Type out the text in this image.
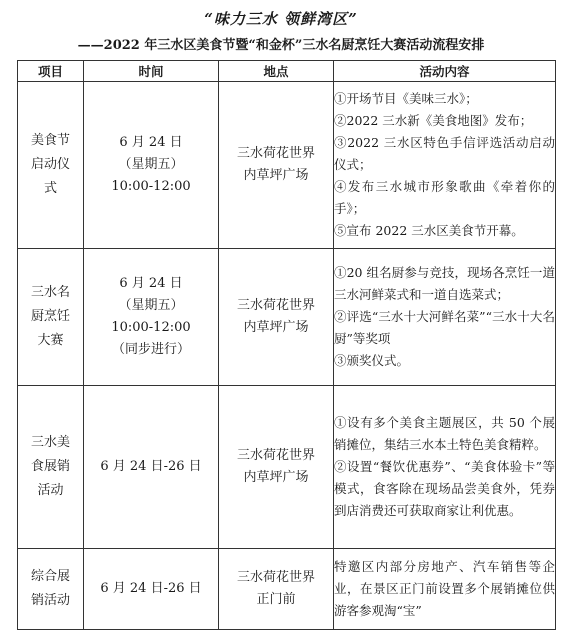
“味力三水 领鲜湾区”
——2022 年三水区美食节暨“和金杯”三水名厨烹饪大赛活动流程安排
项目	时间	地点	活动内容

美食节
启动仪
式	6 月 24 日
（星期五）
10:00-12:00	三水荷花世界
内草坪广场	①开场节目《美味三水》；
②2022 三水新《美食地图》发布；
③2022 三水区特色手信评选活动启动仪式；
④发布三水城市形象歌曲《牵着你的手》；
⑤宣布 2022 三水区美食节开幕。

三水名
厨烹饪
大赛	6 月 24 日
（星期五）
10:00-12:00
（同步进行）	三水荷花世界
内草坪广场	①20 组名厨参与竞技，现场各烹饪一道三水河鲜菜式和一道自选菜式；
②评选“三水十大河鲜名菜”“三水十大名厨”等奖项
③颁奖仪式。

三水美
食展销
活动	6 月 24 日-26 日	三水荷花世界
内草坪广场	①设有多个美食主题展区，共 50 个展销摊位，集结三水本土特色美食精粹。
②设置“餐饮优惠券”、“美食体验卡”等模式，食客除在现场品尝美食外，凭券到店消费还可获取商家让利优惠。

综合展
销活动	6 月 24 日-26 日	三水荷花世界
正门前	特邀区内部分房地产、汽车销售等企业，在景区正门前设置多个展销摊位供游客参观淘“宝”
